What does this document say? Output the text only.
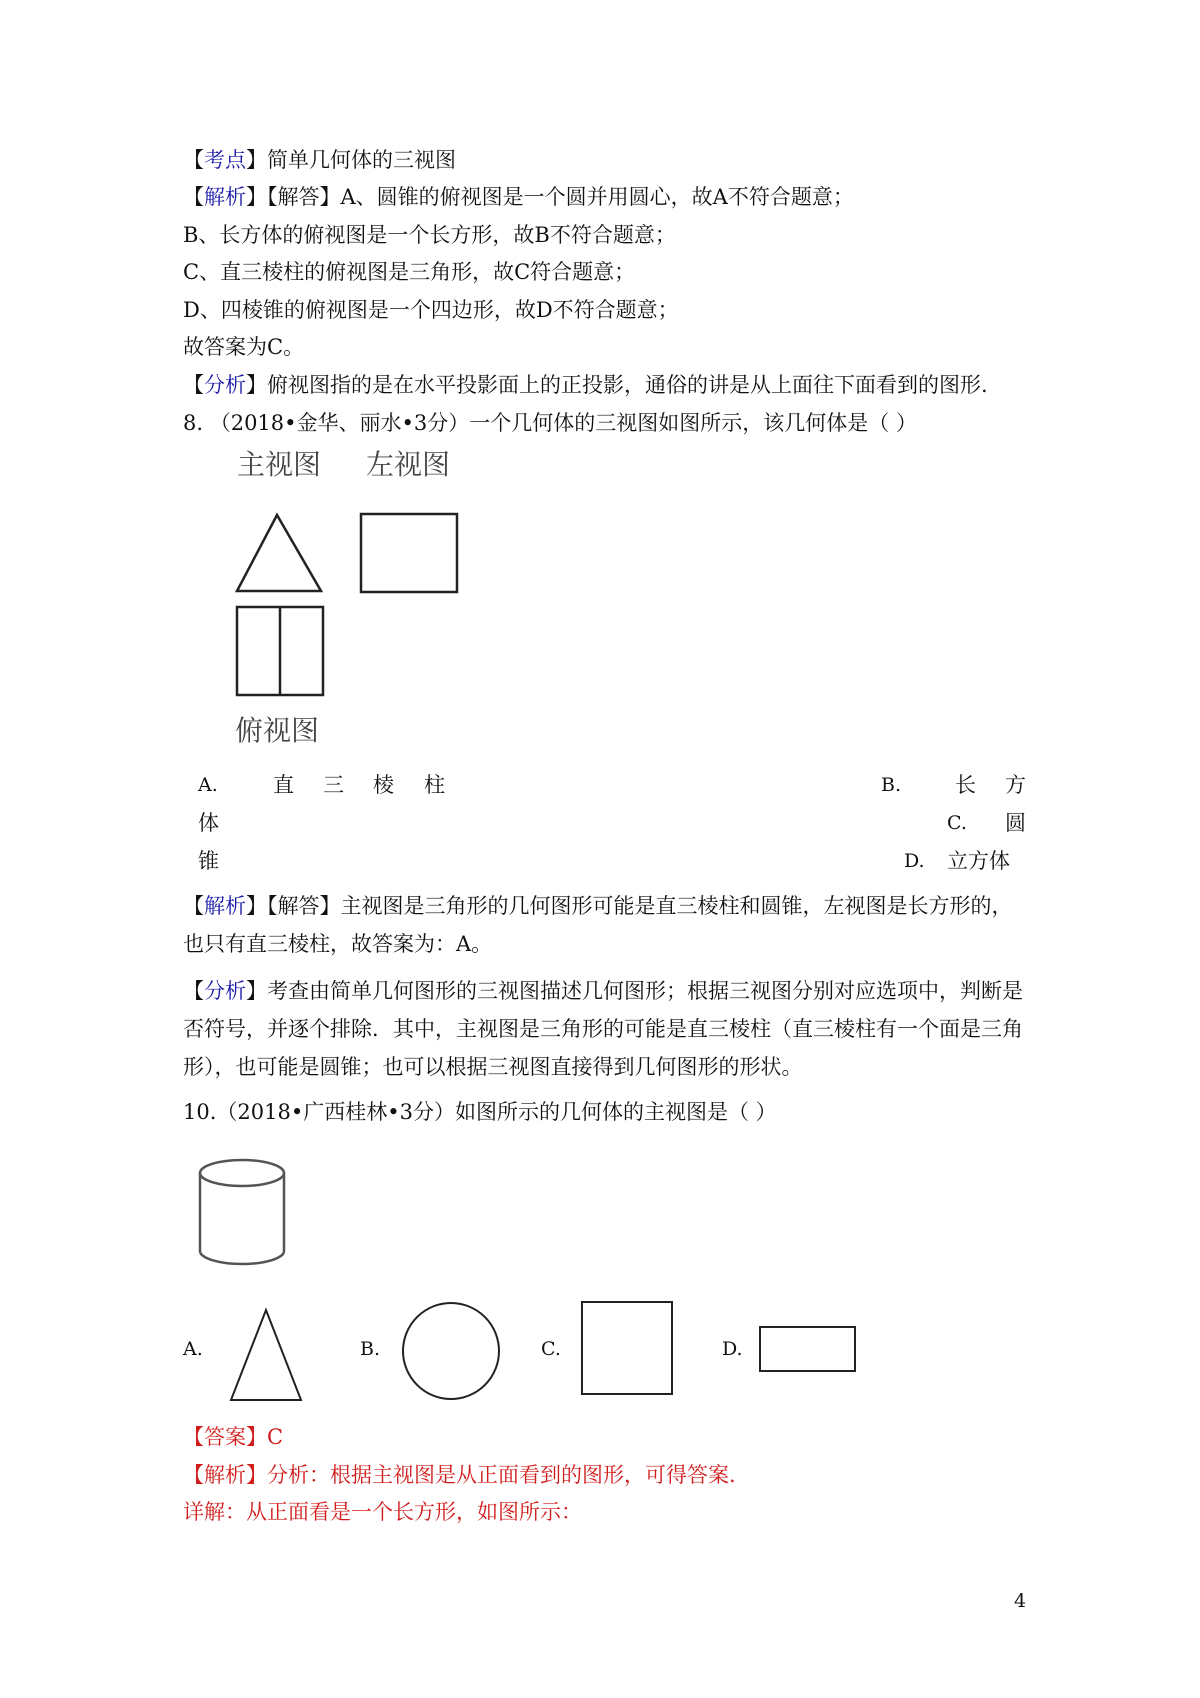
【考点】简单几何体的三视图
【解析】【解答】A、圆锥的俯视图是一个圆并用圆心，故A不符合题意；
B、长方体的俯视图是一个长方形，故B不符合题意；
C、直三棱柱的俯视图是三角形，故C符合题意；
D、四棱锥的俯视图是一个四边形，故D不符合题意；
故答案为C。
【分析】俯视图指的是在水平投影面上的正投影，通俗的讲是从上面往下面看到的图形.
8. （2018•金华、丽水•3分）一个几何体的三视图如图所示，该几何体是（ ）
主视图 左视图
俯视图
A.	直 三 棱 柱	B.	长 方
体	C. 圆
锥	D. 立方体
【解析】【解答】主视图是三角形的几何图形可能是直三棱柱和圆锥，左视图是长方形的，
也只有直三棱柱，故答案为：A。
【分析】考查由简单几何图形的三视图描述几何图形；根据三视图分别对应选项中，判断是
否符号，并逐个排除．其中，主视图是三角形的可能是直三棱柱（直三棱柱有一个面是三角
形），也可能是圆锥；也可以根据三视图直接得到几何图形的形状。
10.（2018•广西桂林•3分）如图所示的几何体的主视图是（ ）
A.	B.	C.	D.
【答案】C
【解析】分析：根据主视图是从正面看到的图形，可得答案.
详解：从正面看是一个长方形，如图所示：
4
